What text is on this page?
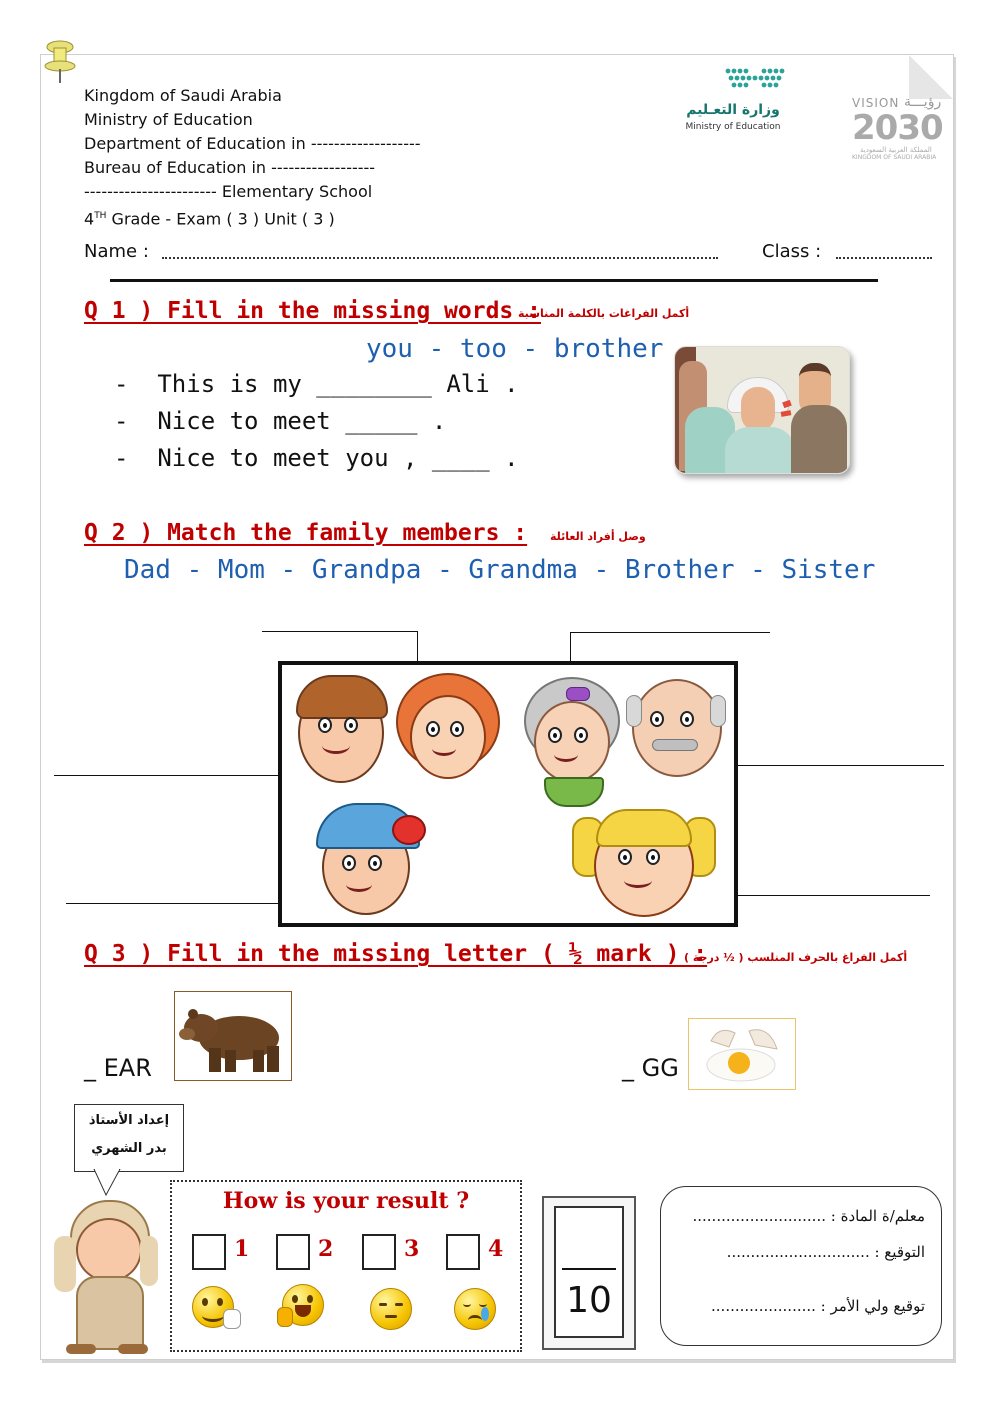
Kingdom of Saudi Arabia
Ministry of Education
Department of Education in -------------------
Bureau of Education in ------------------
----------------------- Elementary School
4TH Grade - Exam ( 3 ) Unit ( 3 )
وزارة التعـليم
Ministry of Education
VISION رؤيـــة
2030
المملكة العربية السعودية
KINGDOM OF SAUDI ARABIA
Name :	Class :
Q 1 ) Fill in the missing words :
أكمل الفراغات بالكلمة المناسبة
you - too - brother
-  This is my ________ Ali .
-  Nice to meet _____ .
-  Nice to meet you , ____ .
Q 2 ) Match the family members : وصل أفراد العائلة
Dad - Mom - Grandpa - Grandma - Brother - Sister
Q 3 ) Fill in the missing letter ( ½ mark ) :
أكمل الفراغ بالحرف المنلسب ( ½ درجة )
_ EAR	_ GG
إعداد الأستاذ
بدر الشهري
How is your result ?
1	2	3	4
10
معلم/ة المادة : ............................
التوقيع : ..............................
توقيع ولي الأمر : ......................
